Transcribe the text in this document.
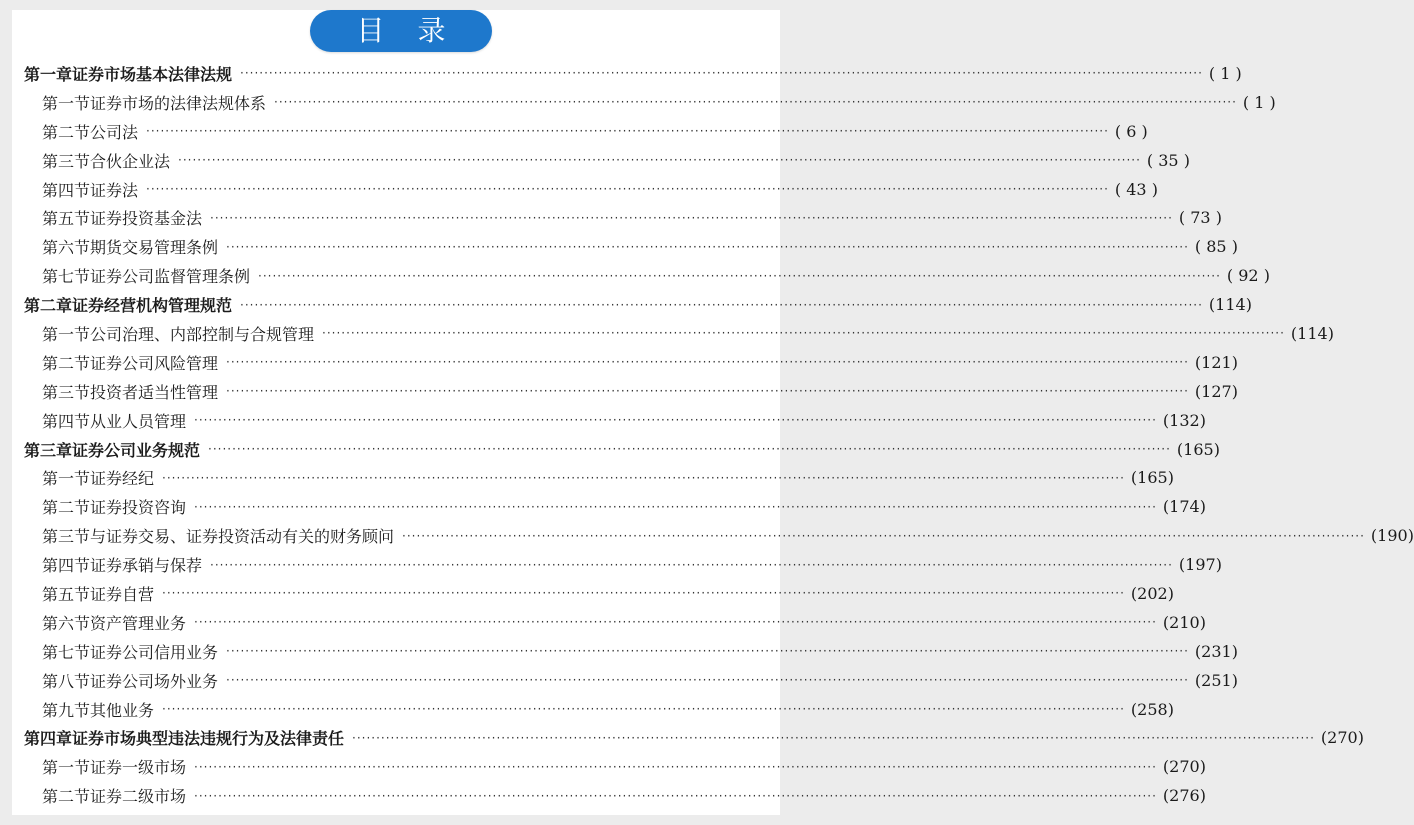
目 录
第一章 证券市场基本法律法规 ········································································································································································································ ( 1 )
第一节 证券市场的法律法规体系 ········································································································································································································ ( 1 )
第二节 公司法 ········································································································································································································ ( 6 )
第三节 合伙企业法 ········································································································································································································ ( 35 )
第四节 证券法 ········································································································································································································ ( 43 )
第五节 证券投资基金法 ········································································································································································································ ( 73 )
第六节 期货交易管理条例 ········································································································································································································ ( 85 )
第七节 证券公司监督管理条例 ········································································································································································································ ( 92 )
第二章 证券经营机构管理规范 ········································································································································································································ (114)
第一节 公司治理、内部控制与合规管理 ········································································································································································································ (114)
第二节 证券公司风险管理 ········································································································································································································ (121)
第三节 投资者适当性管理 ········································································································································································································ (127)
第四节 从业人员管理 ········································································································································································································ (132)
第三章 证券公司业务规范 ········································································································································································································ (165)
第一节 证券经纪 ········································································································································································································ (165)
第二节 证券投资咨询 ········································································································································································································ (174)
第三节 与证券交易、证券投资活动有关的财务顾问 ········································································································································································································ (190)
第四节 证券承销与保荐 ········································································································································································································ (197)
第五节 证券自营 ········································································································································································································ (202)
第六节 资产管理业务 ········································································································································································································ (210)
第七节 证券公司信用业务 ········································································································································································································ (231)
第八节 证券公司场外业务 ········································································································································································································ (251)
第九节 其他业务 ········································································································································································································ (258)
第四章 证券市场典型违法违规行为及法律责任 ········································································································································································································ (270)
第一节 证券一级市场 ········································································································································································································ (270)
第二节 证券二级市场 ········································································································································································································ (276)
